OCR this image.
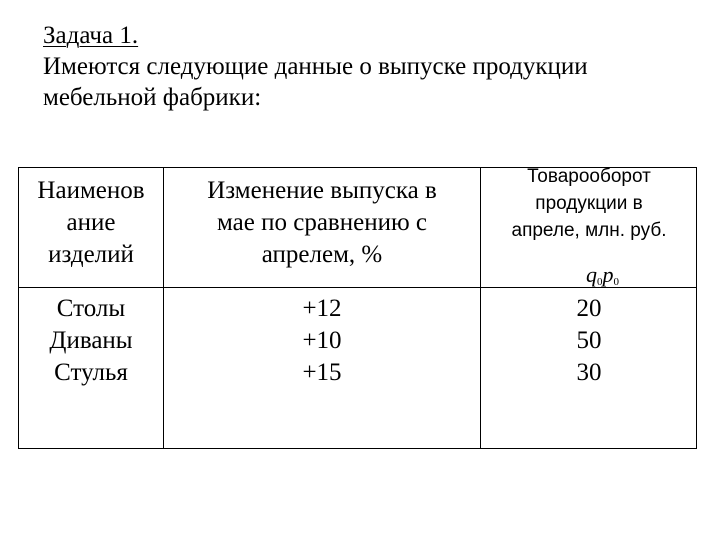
Задача 1.
Имеются следующие данные о выпуске продукции
мебельной фабрики:
Наименов
ание
изделий
Изменение выпуска в
мае по сравнению с
апрелем, %
Товарооборот
продукции в
апреле, млн. руб.
$q_0p_0$
Столы
Диваны
Стулья
+12
+10
+15
20
50
30
